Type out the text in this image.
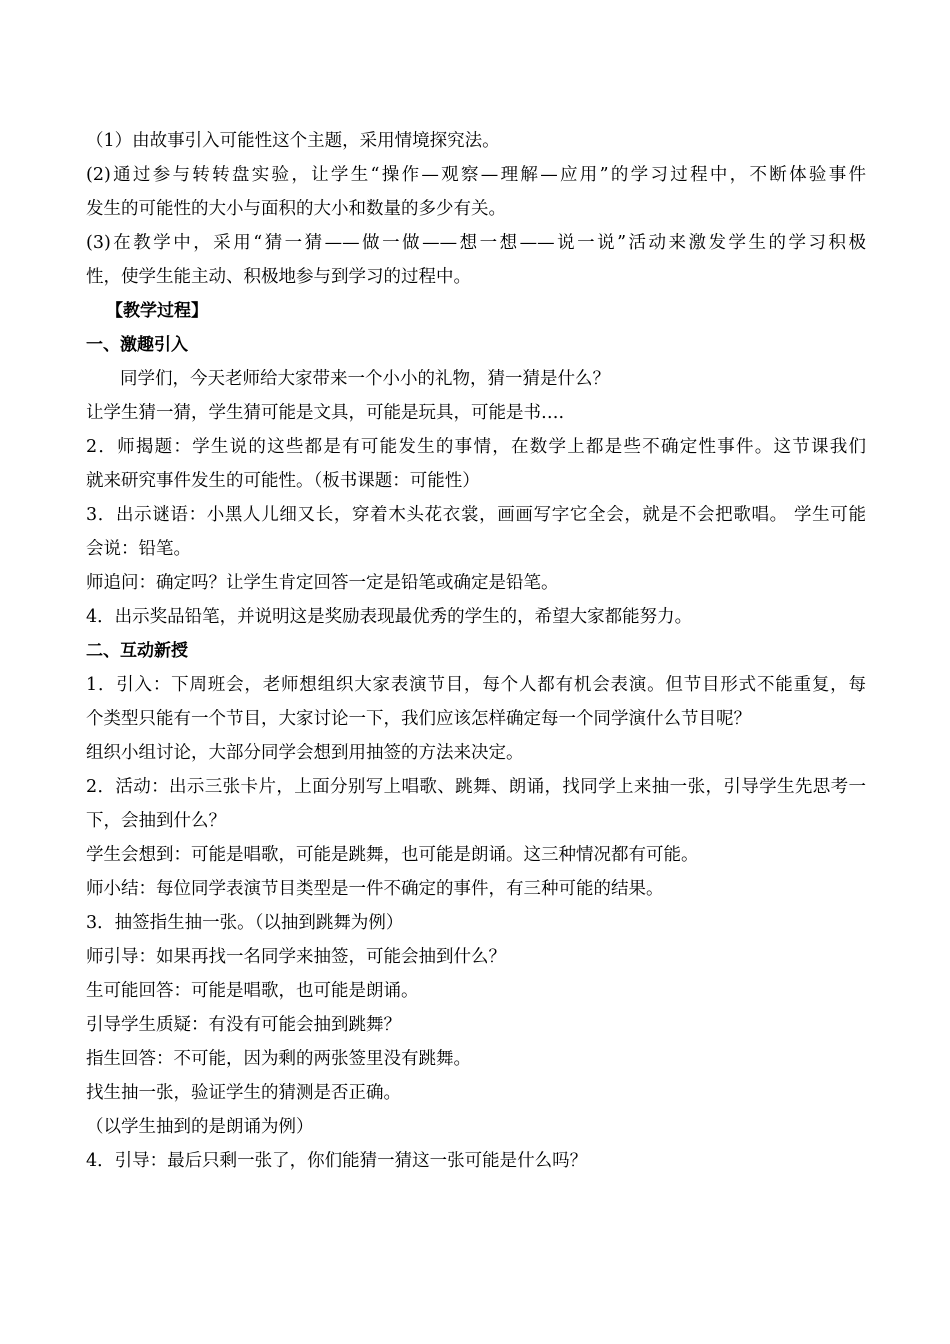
（1）由故事引入可能性这个主题，采用情境探究法。
(2)通过参与转转盘实验，让学生“操作—观察—理解—应用”的学习过程中，不断体验事件
发生的可能性的大小与面积的大小和数量的多少有关。
(3)在教学中，采用“猜一猜——做一做——想一想——说一说”活动来激发学生的学习积极
性，使学生能主动、积极地参与到学习的过程中。
【教学过程】
一、激趣引入
同学们，今天老师给大家带来一个小小的礼物，猜一猜是什么？
让学生猜一猜，学生猜可能是文具，可能是玩具，可能是书….
2．师揭题：学生说的这些都是有可能发生的事情，在数学上都是些不确定性事件。这节课我们
就来研究事件发生的可能性。（板书课题：可能性）
3．出示谜语：小黑人儿细又长，穿着木头花衣裳，画画写字它全会，就是不会把歌唱。 学生可能
会说：铅笔。
师追问：确定吗？让学生肯定回答一定是铅笔或确定是铅笔。
4．出示奖品铅笔，并说明这是奖励表现最优秀的学生的，希望大家都能努力。
二、互动新授
1．引入：下周班会，老师想组织大家表演节目，每个人都有机会表演。但节目形式不能重复，每
个类型只能有一个节目，大家讨论一下，我们应该怎样确定每一个同学演什么节目呢？
组织小组讨论，大部分同学会想到用抽签的方法来决定。
2．活动：出示三张卡片，上面分别写上唱歌、跳舞、朗诵，找同学上来抽一张，引导学生先思考一
下，会抽到什么？
学生会想到：可能是唱歌，可能是跳舞，也可能是朗诵。这三种情况都有可能。
师小结：每位同学表演节目类型是一件不确定的事件，有三种可能的结果。
3．抽签指生抽一张。（以抽到跳舞为例）
师引导：如果再找一名同学来抽签，可能会抽到什么？
生可能回答：可能是唱歌，也可能是朗诵。
引导学生质疑：有没有可能会抽到跳舞？
指生回答：不可能，因为剩的两张签里没有跳舞。
找生抽一张，验证学生的猜测是否正确。
（以学生抽到的是朗诵为例）
4．引导：最后只剩一张了，你们能猜一猜这一张可能是什么吗？
